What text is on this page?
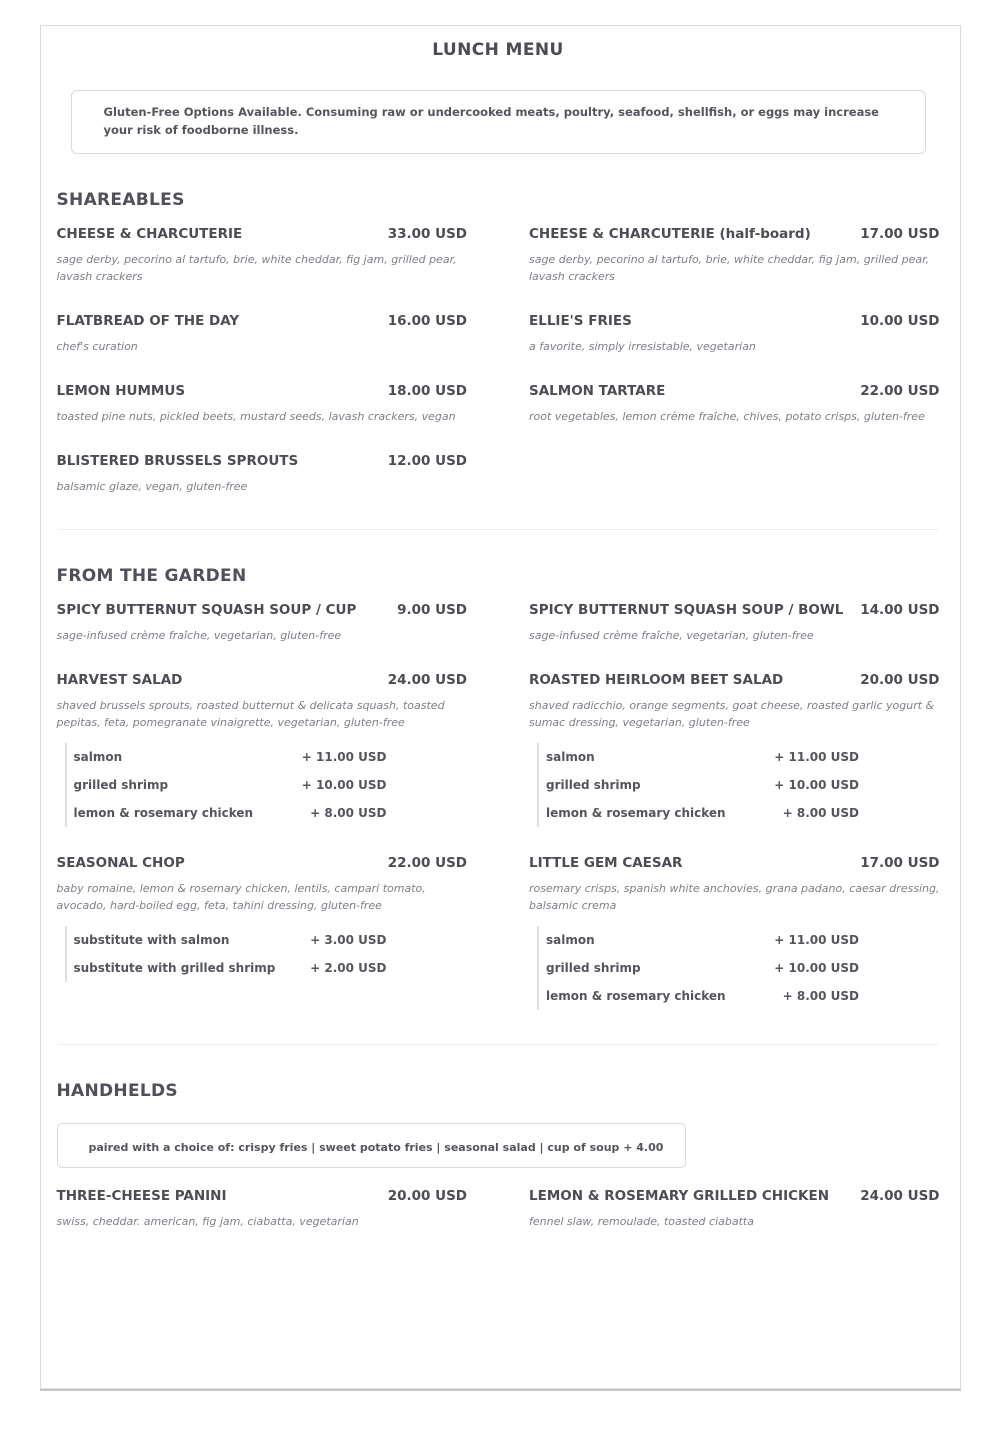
LUNCH MENU
Gluten-Free Options Available. Consuming raw or undercooked meats, poultry, seafood, shellfish, or eggs may increase your risk of foodborne illness.
SHAREABLES
CHEESE & CHARCUTERIE	33.00 USD
sage derby, pecorino al tartufo, brie, white cheddar, fig jam, grilled pear, lavash crackers
CHEESE & CHARCUTERIE (half-board)	17.00 USD
sage derby, pecorino al tartufo, brie, white cheddar, fig jam, grilled pear, lavash crackers
FLATBREAD OF THE DAY	16.00 USD
chef's curation
ELLIE'S FRIES	10.00 USD
a favorite, simply irresistable, vegetarian
LEMON HUMMUS	18.00 USD
toasted pine nuts, pickled beets, mustard seeds, lavash crackers, vegan
SALMON TARTARE	22.00 USD
root vegetables, lemon crème fraîche, chives, potato crisps, gluten-free
BLISTERED BRUSSELS SPROUTS	12.00 USD
balsamic glaze, vegan, gluten-free
FROM THE GARDEN
SPICY BUTTERNUT SQUASH SOUP / CUP	9.00 USD
sage-infused crème fraîche, vegetarian, gluten-free
SPICY BUTTERNUT SQUASH SOUP / BOWL	14.00 USD
sage-infused crème fraîche, vegetarian, gluten-free
HARVEST SALAD	24.00 USD
shaved brussels sprouts, roasted butternut & delicata squash, toasted pepitas, feta, pomegranate vinaigrette, vegetarian, gluten-free
salmon	+ 11.00 USD
grilled shrimp	+ 10.00 USD
lemon & rosemary chicken	+ 8.00 USD
ROASTED HEIRLOOM BEET SALAD	20.00 USD
shaved radicchio, orange segments, goat cheese, roasted garlic yogurt & sumac dressing, vegetarian, gluten-free
salmon	+ 11.00 USD
grilled shrimp	+ 10.00 USD
lemon & rosemary chicken	+ 8.00 USD
SEASONAL CHOP	22.00 USD
baby romaine, lemon & rosemary chicken, lentils, campari tomato, avocado, hard-boiled egg, feta, tahini dressing, gluten-free
substitute with salmon	+ 3.00 USD
substitute with grilled shrimp	+ 2.00 USD
LITTLE GEM CAESAR	17.00 USD
rosemary crisps, spanish white anchovies, grana padano, caesar dressing, balsamic crema
salmon	+ 11.00 USD
grilled shrimp	+ 10.00 USD
lemon & rosemary chicken	+ 8.00 USD
HANDHELDS
paired with a choice of: crispy fries | sweet potato fries | seasonal salad | cup of soup + 4.00
THREE-CHEESE PANINI	20.00 USD
swiss, cheddar. american, fig jam, ciabatta, vegetarian
LEMON & ROSEMARY GRILLED CHICKEN	24.00 USD
fennel slaw, remoulade, toasted ciabatta
